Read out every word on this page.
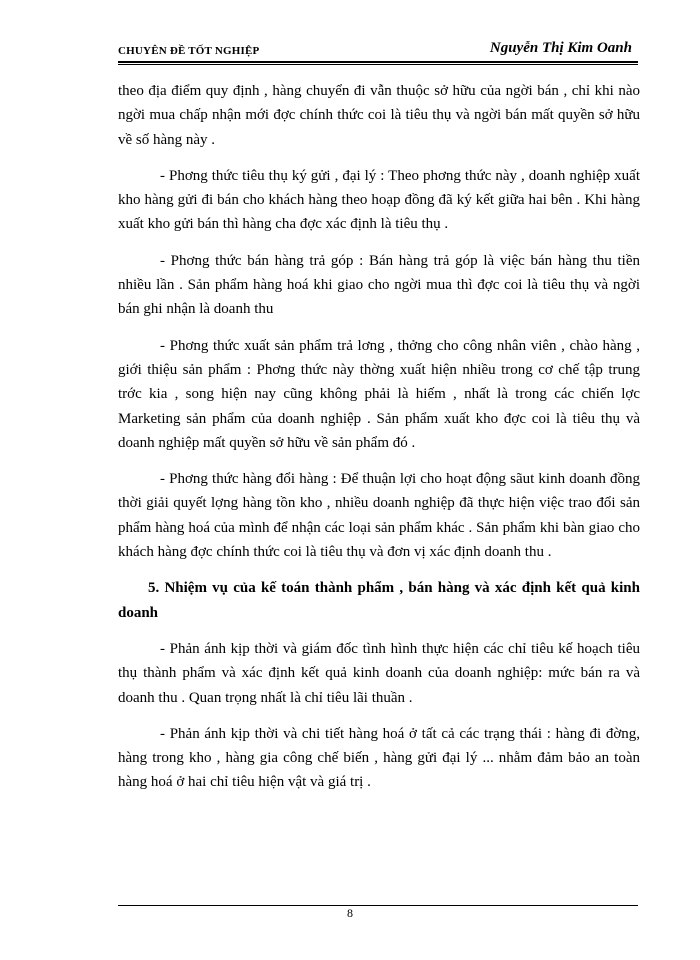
CHUYÊN ĐỀ TỐT NGHIỆP	Nguyễn Thị Kim Oanh

theo địa điểm quy định , hàng chuyển đi vẫn thuộc sở hữu của ngời bán , chỉ khi nào ngời mua chấp nhận mới đợc chính thức coi là tiêu thụ và ngời bán mất quyền sở hữu về số hàng này .

- Phơng thức tiêu thụ ký gửi , đại lý : Theo phơng thức này , doanh nghiệp xuất kho hàng gửi đi bán cho khách hàng theo hoạp đồng đã ký kết giữa hai bên . Khi hàng xuất kho gửi bán thì hàng cha đợc xác định là tiêu thụ .

- Phơng thức bán hàng trả góp : Bán hàng trả góp là việc bán hàng thu tiền nhiều lần . Sản phẩm hàng hoá khi giao cho ngời mua thì đợc coi là tiêu thụ và ngời bán ghi nhận là doanh thu

- Phơng thức xuất sản phẩm trả lơng , thởng cho công nhân viên , chào hàng , giới thiệu sản phẩm : Phơng thức này thờng xuất hiện nhiều trong cơ chế tập trung trớc kia , song hiện nay cũng không phải là hiếm , nhất là trong các chiến lợc Marketing sản phẩm của doanh nghiệp . Sản phẩm xuất kho đợc coi là tiêu thụ và doanh nghiệp mất quyền sở hữu về sản phẩm đó .

- Phơng thức hàng đổi hàng : Để thuận lợi cho hoạt động sãut kinh doanh đồng thời giải quyết lợng hàng tồn kho , nhiều doanh nghiệp đã thực hiện việc trao đổi sản phẩm hàng hoá của mình để nhận các loại sản phẩm khác . Sản phẩm khi bàn giao cho khách hàng đợc chính thức coi là tiêu thụ và đơn vị xác định doanh thu .

5. Nhiệm vụ của kế toán thành phẩm , bán hàng và xác định kết quả kinh doanh

- Phản ánh kịp thời và giám đốc tình hình thực hiện các chỉ tiêu kế hoạch tiêu thụ thành phẩm và xác định kết quả kinh doanh của doanh nghiệp: mức bán ra và doanh thu . Quan trọng nhất là chỉ tiêu lãi thuần .

- Phản ánh kịp thời và chi tiết hàng hoá ở tất cả các trạng thái : hàng đi đờng, hàng trong kho , hàng gia công chế biến , hàng gửi đại lý ... nhằm đảm bảo an toàn hàng hoá ở hai chỉ tiêu hiện vật và giá trị .

8
